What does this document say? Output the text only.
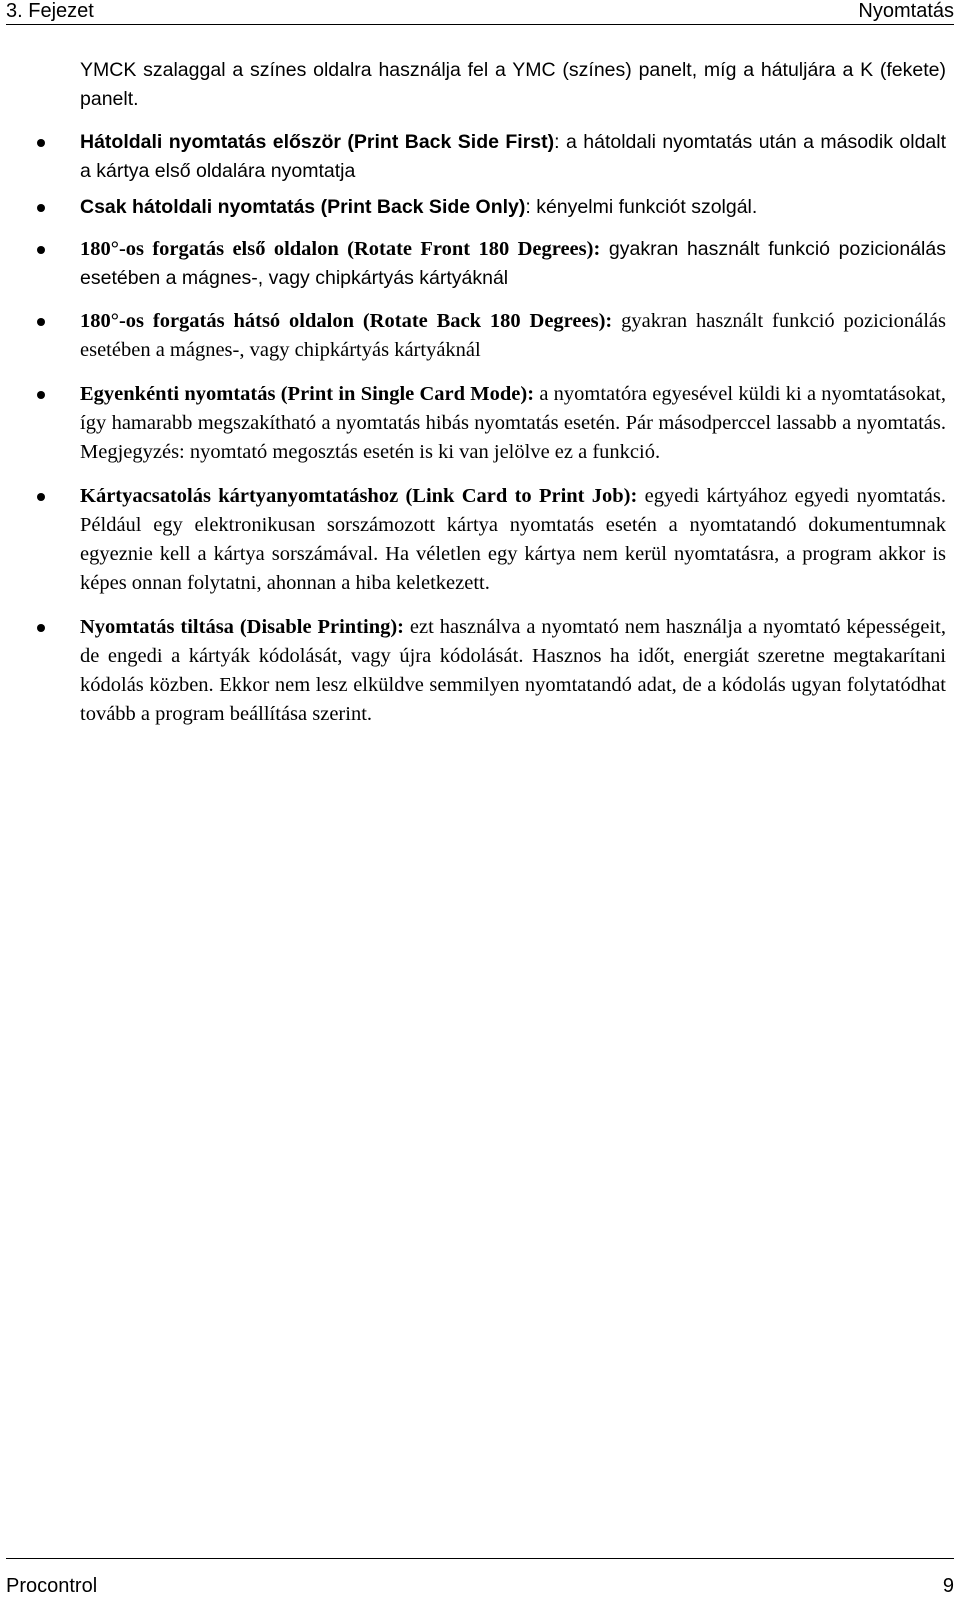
3. Fejezet	Nyomtatás

YMCK szalaggal a színes oldalra használja fel a YMC (színes) panelt, míg a hátuljára a K (fekete) panelt.

Hátoldali nyomtatás először (Print Back Side First): a hátoldali nyomtatás után a második oldalt a kártya első oldalára nyomtatja
Csak hátoldali nyomtatás (Print Back Side Only): kényelmi funkciót szolgál.
180°-os forgatás első oldalon (Rotate Front 180 Degrees): gyakran használt funkció pozicionálás esetében a mágnes-, vagy chipkártyás kártyáknál
180°-os forgatás hátsó oldalon (Rotate Back 180 Degrees): gyakran használt funkció pozicionálás esetében a mágnes-, vagy chipkártyás kártyáknál
Egyenkénti nyomtatás (Print in Single Card Mode): a nyomtatóra egyesével küldi ki a nyomtatásokat, így hamarabb megszakítható a nyomtatás hibás nyomtatás esetén. Pár másodperccel lassabb a nyomtatás. Megjegyzés: nyomtató megosztás esetén is ki van jelölve ez a funkció.
Kártyacsatolás kártyanyomtatáshoz (Link Card to Print Job): egyedi kártyához egyedi nyomtatás. Például egy elektronikusan sorszámozott kártya nyomtatás esetén a nyomtatandó dokumentumnak egyeznie kell a kártya sorszámával. Ha véletlen egy kártya nem kerül nyomtatásra, a program akkor is képes onnan folytatni, ahonnan a hiba keletkezett.
Nyomtatás tiltása (Disable Printing): ezt használva a nyomtató nem használja a nyomtató képességeit, de engedi a kártyák kódolását, vagy újra kódolását. Hasznos ha időt, energiát szeretne megtakarítani kódolás közben. Ekkor nem lesz elküldve semmilyen nyomtatandó adat, de a kódolás ugyan folytatódhat tovább a program beállítása szerint.
Procontrol	9
